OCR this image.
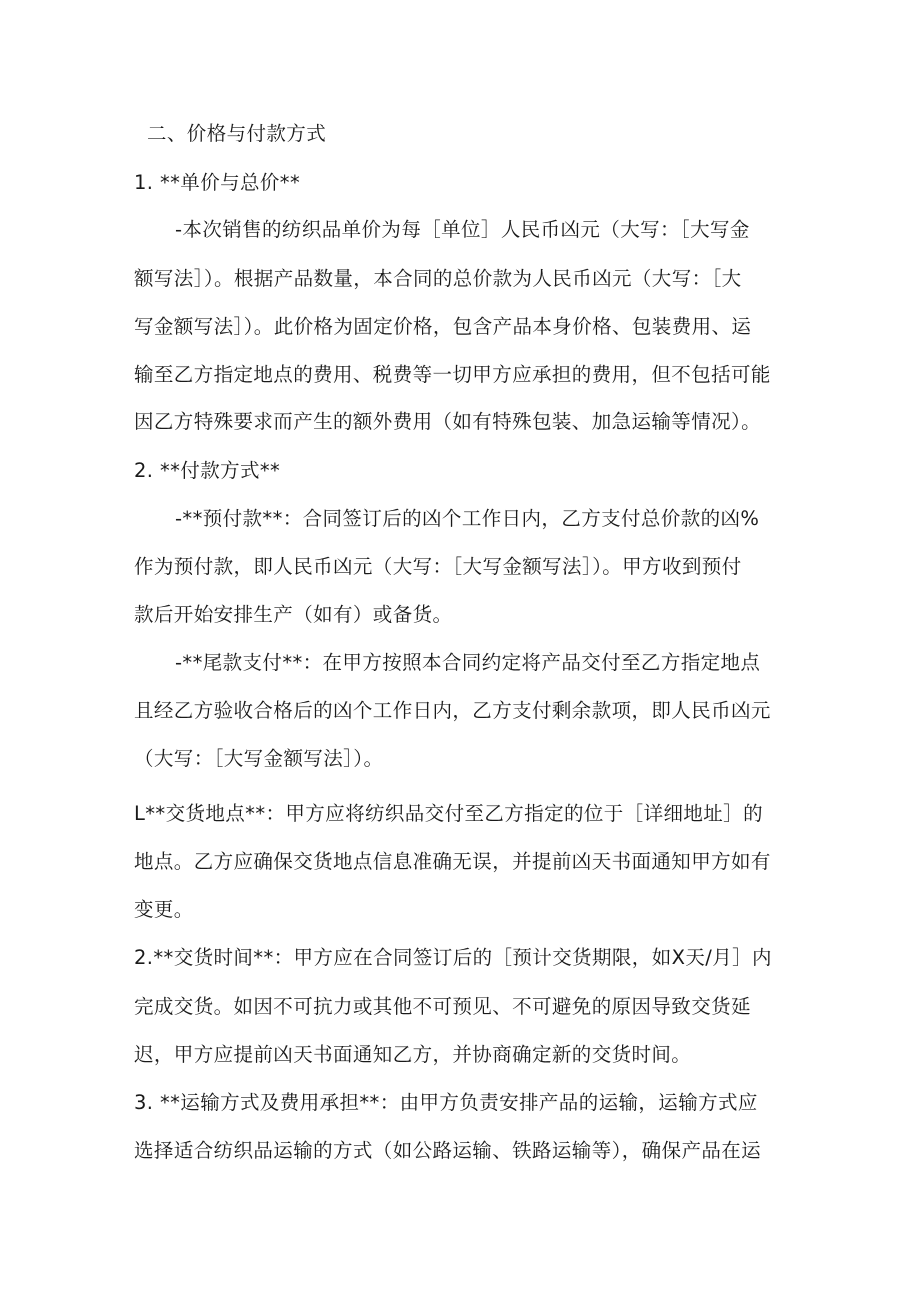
二、价格与付款方式
1. **单价与总价**
-本次销售的纺织品单价为每［单位］人民币凶元（大写：［大写金
额写法］）。根据产品数量，本合同的总价款为人民币凶元（大写：［大
写金额写法］）。此价格为固定价格，包含产品本身价格、包装费用、运
输至乙方指定地点的费用、税费等一切甲方应承担的费用，但不包括可能
因乙方特殊要求而产生的额外费用（如有特殊包装、加急运输等情况）。
2. **付款方式**
-**预付款**：合同签订后的凶个工作日内，乙方支付总价款的凶%
作为预付款，即人民币凶元（大写：［大写金额写法］）。甲方收到预付
款后开始安排生产（如有）或备货。
-**尾款支付**：在甲方按照本合同约定将产品交付至乙方指定地点
且经乙方验收合格后的凶个工作日内，乙方支付剩余款项，即人民币凶元
（大写：［大写金额写法］）。
L**交货地点**：甲方应将纺织品交付至乙方指定的位于［详细地址］的
地点。乙方应确保交货地点信息准确无误，并提前凶天书面通知甲方如有
变更。
2.**交货时间**：甲方应在合同签订后的［预计交货期限，如X天/月］内
完成交货。如因不可抗力或其他不可预见、不可避免的原因导致交货延
迟，甲方应提前凶天书面通知乙方，并协商确定新的交货时间。
3. **运输方式及费用承担**：由甲方负责安排产品的运输，运输方式应
选择适合纺织品运输的方式（如公路运输、铁路运输等），确保产品在运
